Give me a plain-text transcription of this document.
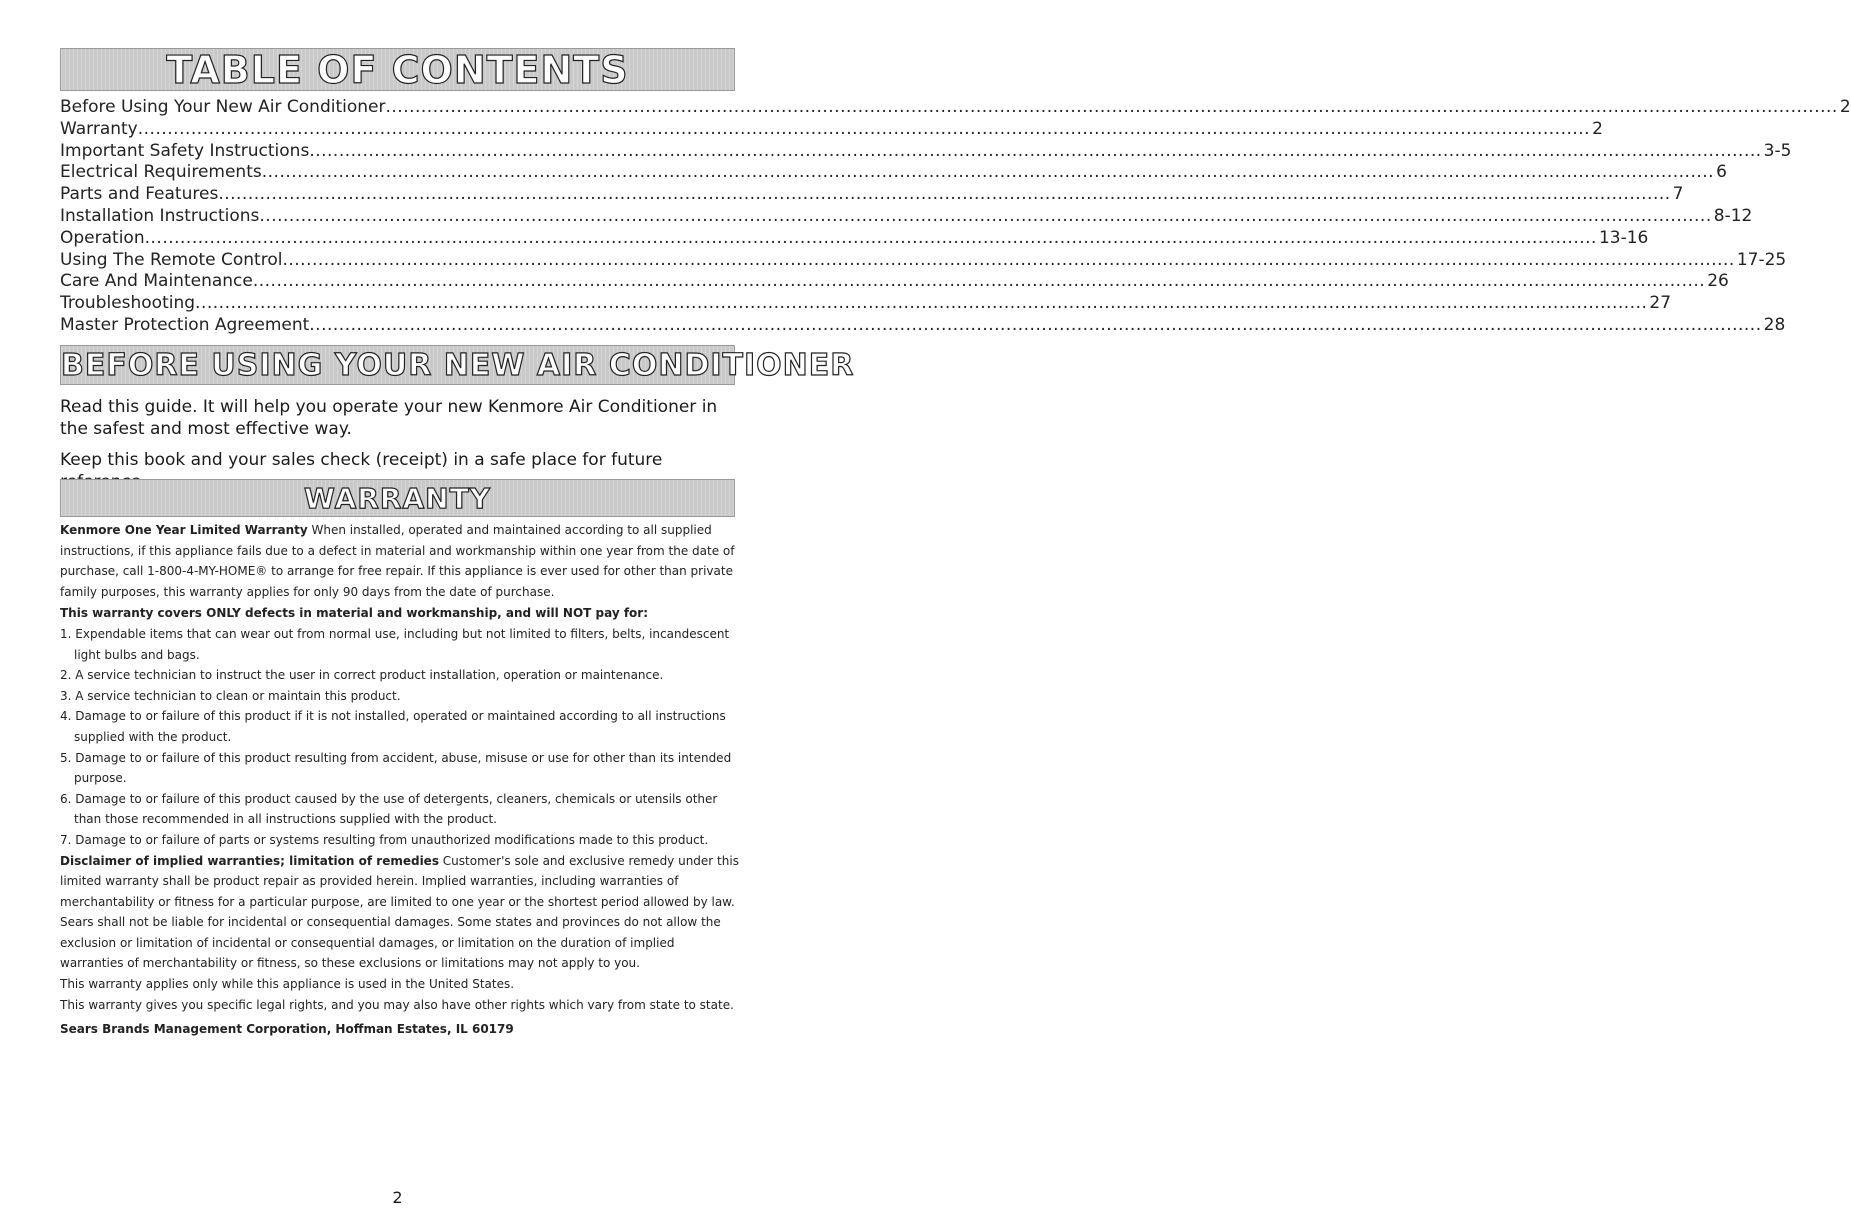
TABLE OF CONTENTS
Before Using Your New Air Conditioner .....	2
Warranty .....	2
Important Safety Instructions .....	3-5
Electrical Requirements .....	6
Parts and Features .....	7
Installation Instructions .....	8-12
Operation .....	13-16
Using The Remote Control .....	17-25
Care And Maintenance .....	26
Troubleshooting .....	27
Master Protection Agreement .....	28
BEFORE USING YOUR NEW AIR CONDITIONER
Read this guide. It will help you operate your new Kenmore Air Conditioner in the safest and most effective way.
Keep this book and your sales check (receipt) in a safe place for future
WARRANTY

Kenmore One Year Limited Warranty When installed, operated and maintained according to all supplied instructions, if this appliance fails due to a defect in material and workmanship within one year from the date of purchase, call 1-800-4-MY-HOME® to arrange for free repair. If this appliance is ever used for other than private family purposes, this warranty applies for only 90 days from the date of purchase.

This warranty covers ONLY defects in material and workmanship, and will NOT pay for:

1. Expendable items that can wear out from normal use, including but not limited to filters, belts, incandescent light bulbs and bags.
2. A service technician to instruct the user in correct product installation, operation or maintenance.
3. A service technician to clean or maintain this product.
4. Damage to or failure of this product if it is not installed, operated or maintained according to all instructions supplied with the product.
5. Damage to or failure of this product resulting from accident, abuse, misuse or use for other than its intended purpose.
6. Damage to or failure of this product caused by the use of detergents, cleaners, chemicals or utensils other than those recommended in all instructions supplied with the product.
7. Damage to or failure of parts or systems resulting from unauthorized modifications made to this product.

Disclaimer of implied warranties; limitation of remedies Customer's sole and exclusive remedy under this limited warranty shall be product repair as provided herein. Implied warranties, including warranties of merchantability or fitness for a particular purpose, are limited to one year or the shortest period allowed by law. Sears shall not be liable for incidental or consequential damages. Some states and provinces do not allow the exclusion or limitation of incidental or consequential damages, or limitation on the duration of implied warranties of merchantability or fitness, so these exclusions or limitations may not apply to you.

This warranty applies only while this appliance is used in the United States.

This warranty gives you specific legal rights, and you may also have other rights which vary from state to state.

Sears Brands Management Corporation, Hoffman Estates, IL 60179

2
